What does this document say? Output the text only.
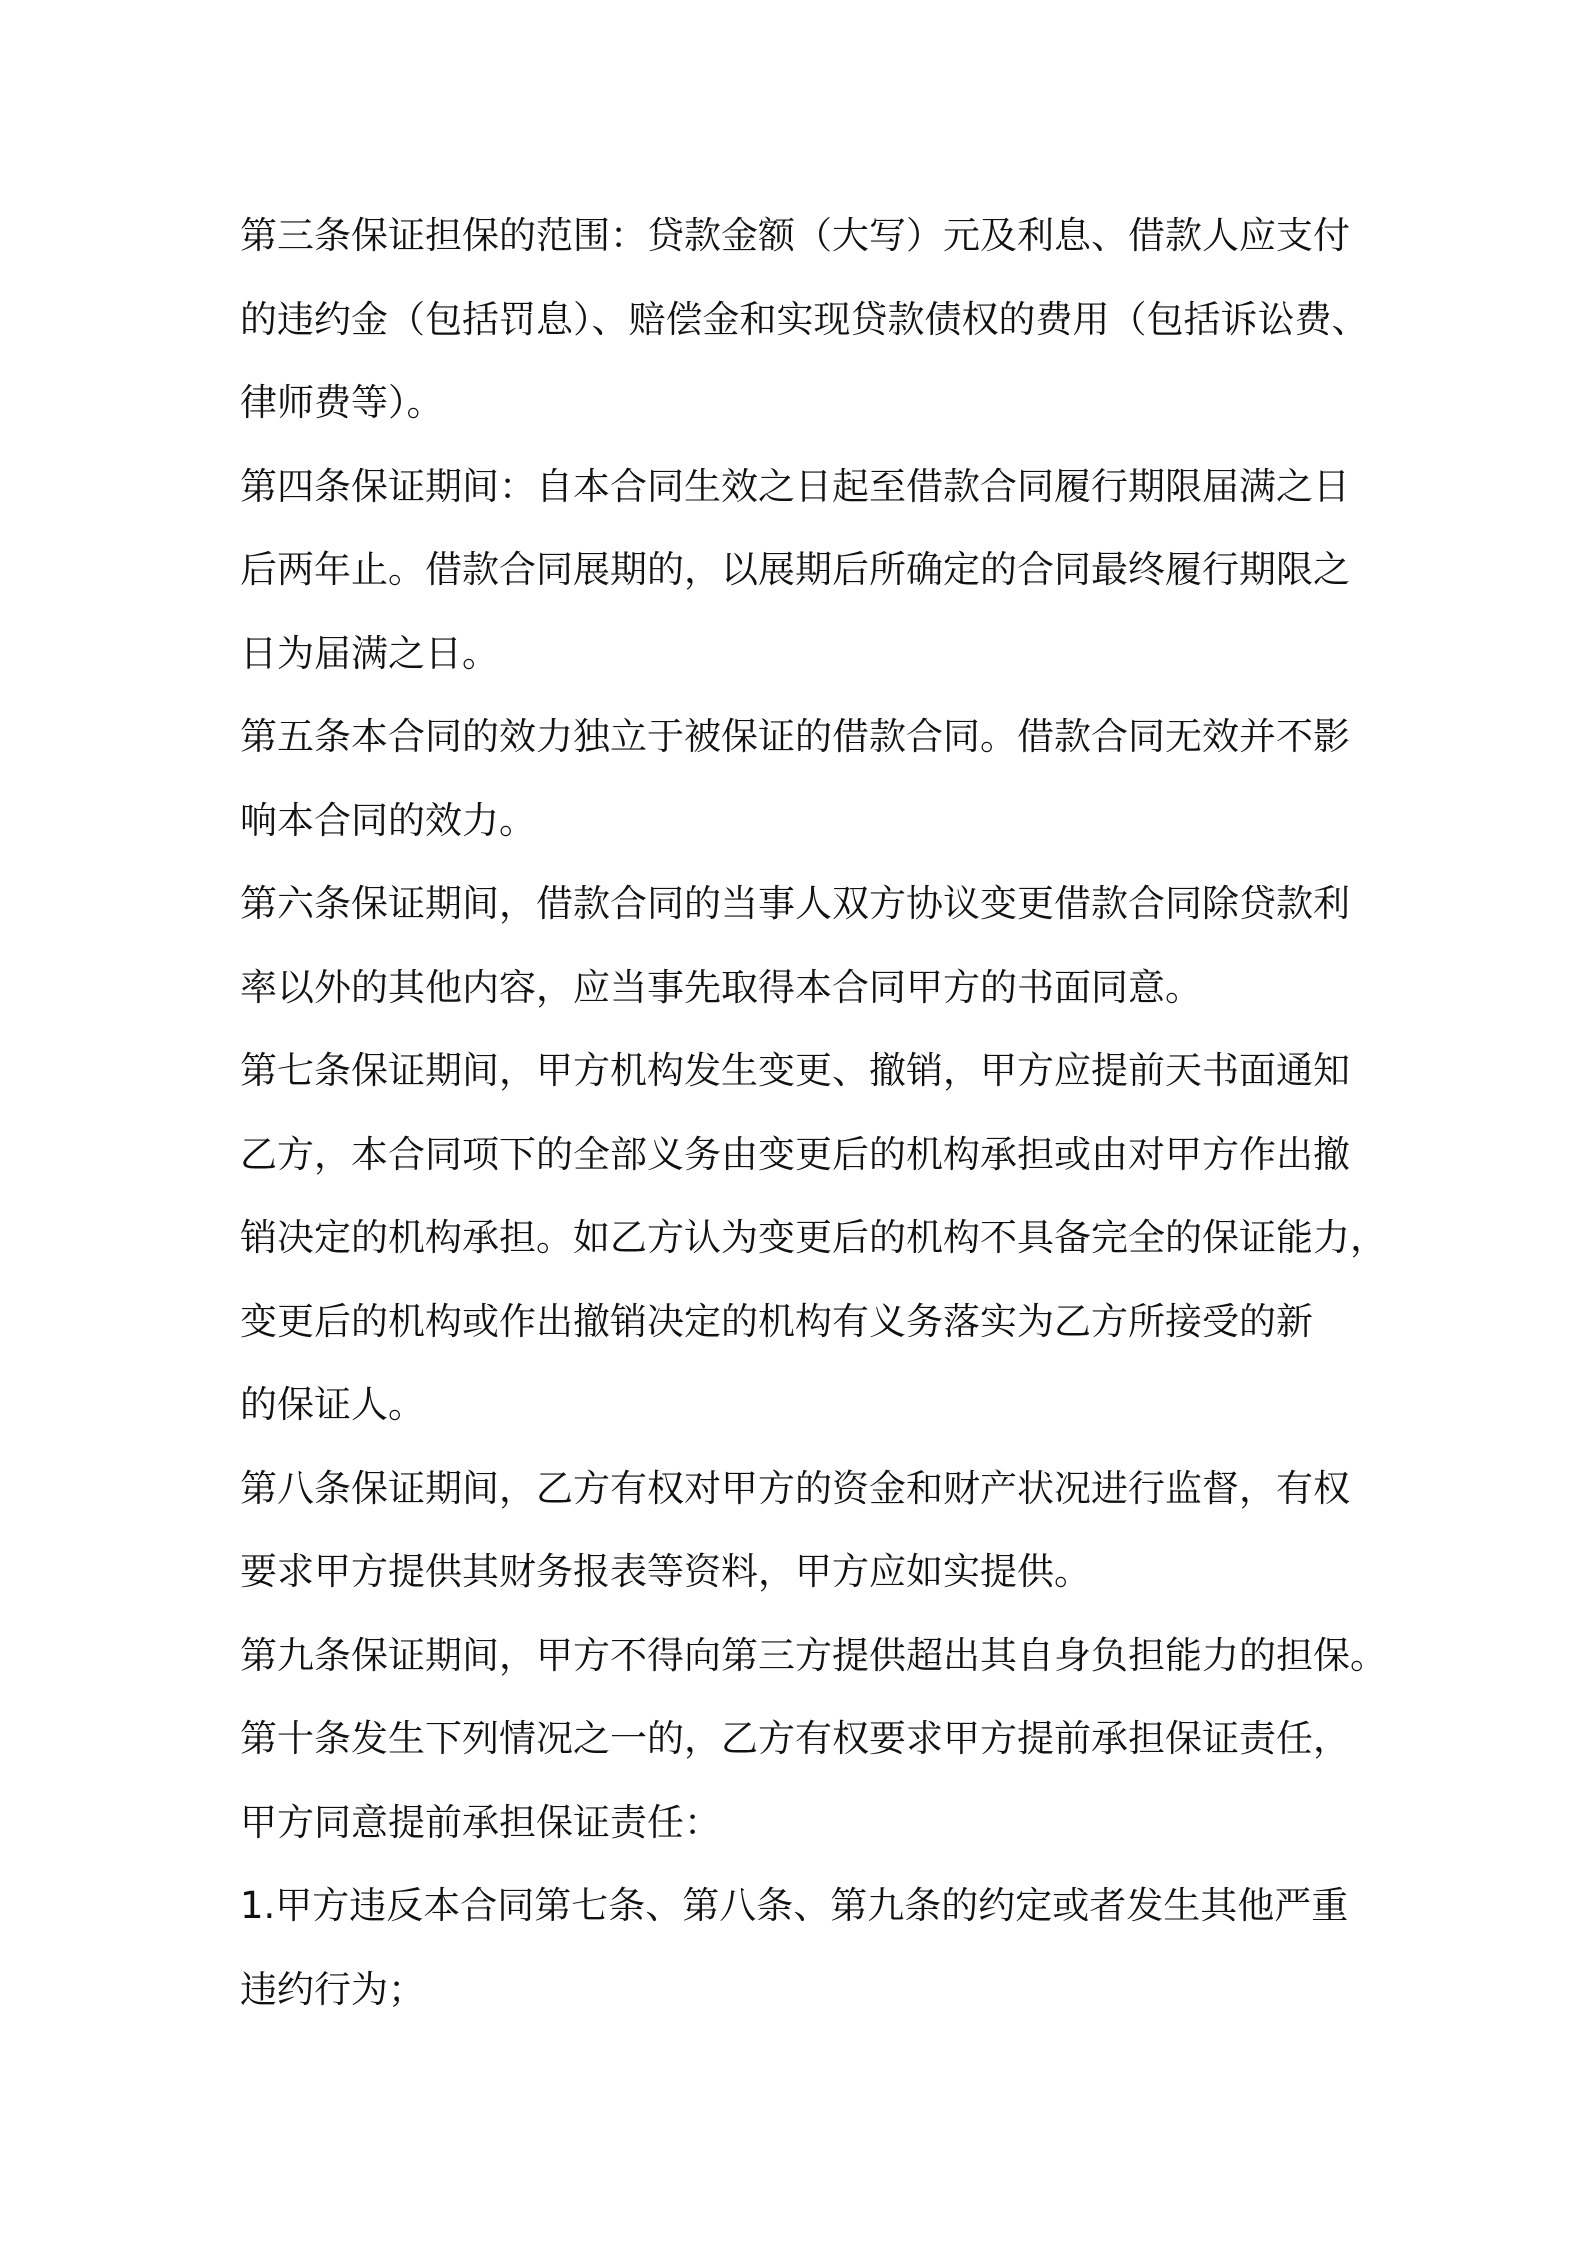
第三条保证担保的范围：贷款金额（大写）元及利息、借款人应支付
的违约金（包括罚息）、赔偿金和实现贷款债权的费用（包括诉讼费、
律师费等）。
第四条保证期间：自本合同生效之日起至借款合同履行期限届满之日
后两年止。借款合同展期的，以展期后所确定的合同最终履行期限之
日为届满之日。
第五条本合同的效力独立于被保证的借款合同。借款合同无效并不影
响本合同的效力。
第六条保证期间，借款合同的当事人双方协议变更借款合同除贷款利
率以外的其他内容，应当事先取得本合同甲方的书面同意。
第七条保证期间，甲方机构发生变更、撤销，甲方应提前天书面通知
乙方，本合同项下的全部义务由变更后的机构承担或由对甲方作出撤
销决定的机构承担。如乙方认为变更后的机构不具备完全的保证能力，
变更后的机构或作出撤销决定的机构有义务落实为乙方所接受的新
的保证人。
第八条保证期间，乙方有权对甲方的资金和财产状况进行监督，有权
要求甲方提供其财务报表等资料，甲方应如实提供。
第九条保证期间，甲方不得向第三方提供超出其自身负担能力的担保。
第十条发生下列情况之一的，乙方有权要求甲方提前承担保证责任，
甲方同意提前承担保证责任：
1.甲方违反本合同第七条、第八条、第九条的约定或者发生其他严重
违约行为；
